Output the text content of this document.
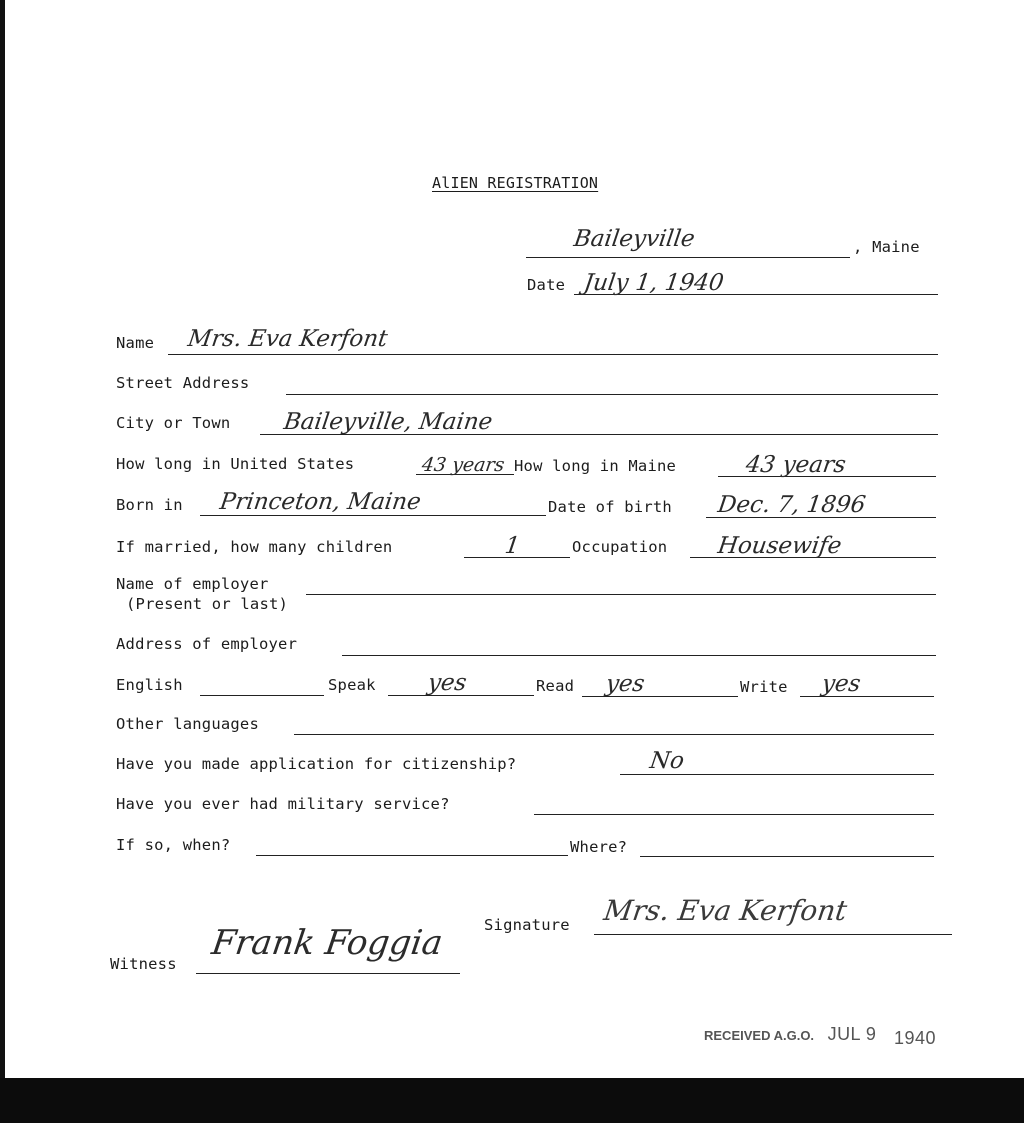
AlIEN REGISTRATION
Baileyville	, Maine
Date July 1, 1940
Name Mrs. Eva Kerfont
Street Address
City or Town Baileyville, Maine
How long in United States	43 years How long in Maine	43 years
Born in Princeton, Maine	Date of birth Dec. 7, 1896
If married, how many children	1	Occupation Housewife
Name of employer
(Present or last)
Address of employer
English	Speak yes	Read yes	Write yes
Other languages
Have you made application for citizenship?	No
Have you ever had military service?
If so, when?	Where?
Signature Mrs. Eva Kerfont
Witness
Frank Foggia
RECEIVED A.G.O. JUL 9 1940
